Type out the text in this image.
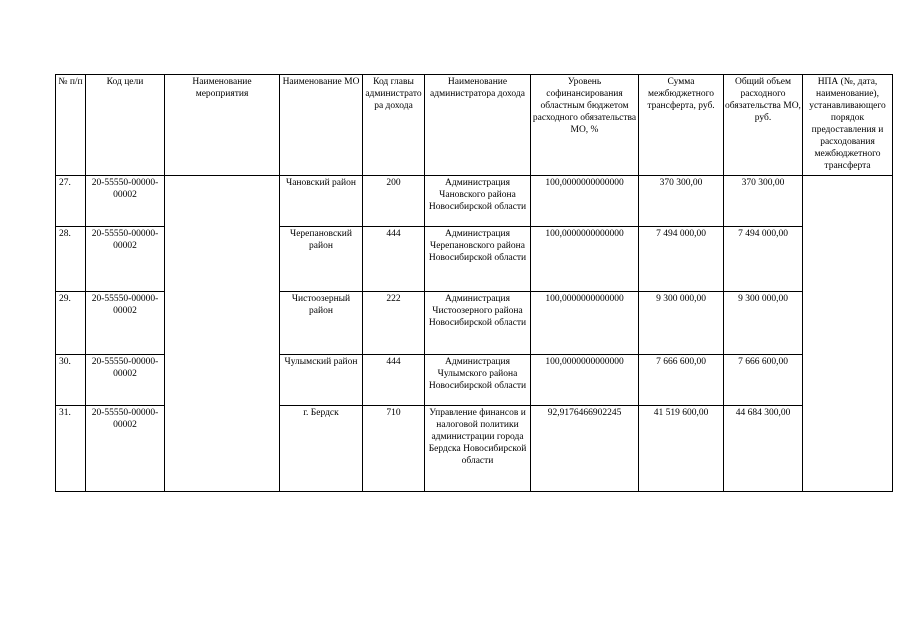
№ п/п	Код цели	Наименование мероприятия	Наименование МО	Код главы администратора дохода	Наименование администратора дохода	Уровень софинансирования областным бюджетом расходного обязательства МО, %	Сумма межбюджетного трансферта, руб.	Общий объем расходного обязательства МО, руб.	НПА (№, дата, наименование), устанавливающего порядок предоставления и расходования межбюджетного трансферта
27.	20-55550-00000-00002		Чановский район	200	Администрация Чановского района Новосибирской области	100,0000000000000	370 300,00	370 300,00	
28.	20-55550-00000-00002		Черепановский район	444	Администрация Черепановского района Новосибирской области	100,0000000000000	7 494 000,00	7 494 000,00	
29.	20-55550-00000-00002		Чистоозерный район	222	Администрация Чистоозерного района Новосибирской области	100,0000000000000	9 300 000,00	9 300 000,00	
30.	20-55550-00000-00002		Чулымский район	444	Администрация Чулымского района Новосибирской области	100,0000000000000	7 666 600,00	7 666 600,00	
31.	20-55550-00000-00002		г. Бердск	710	Управление финансов и налоговой политики администрации города Бердска Новосибирской области	92,9176466902245	41 519 600,00	44 684 300,00	
